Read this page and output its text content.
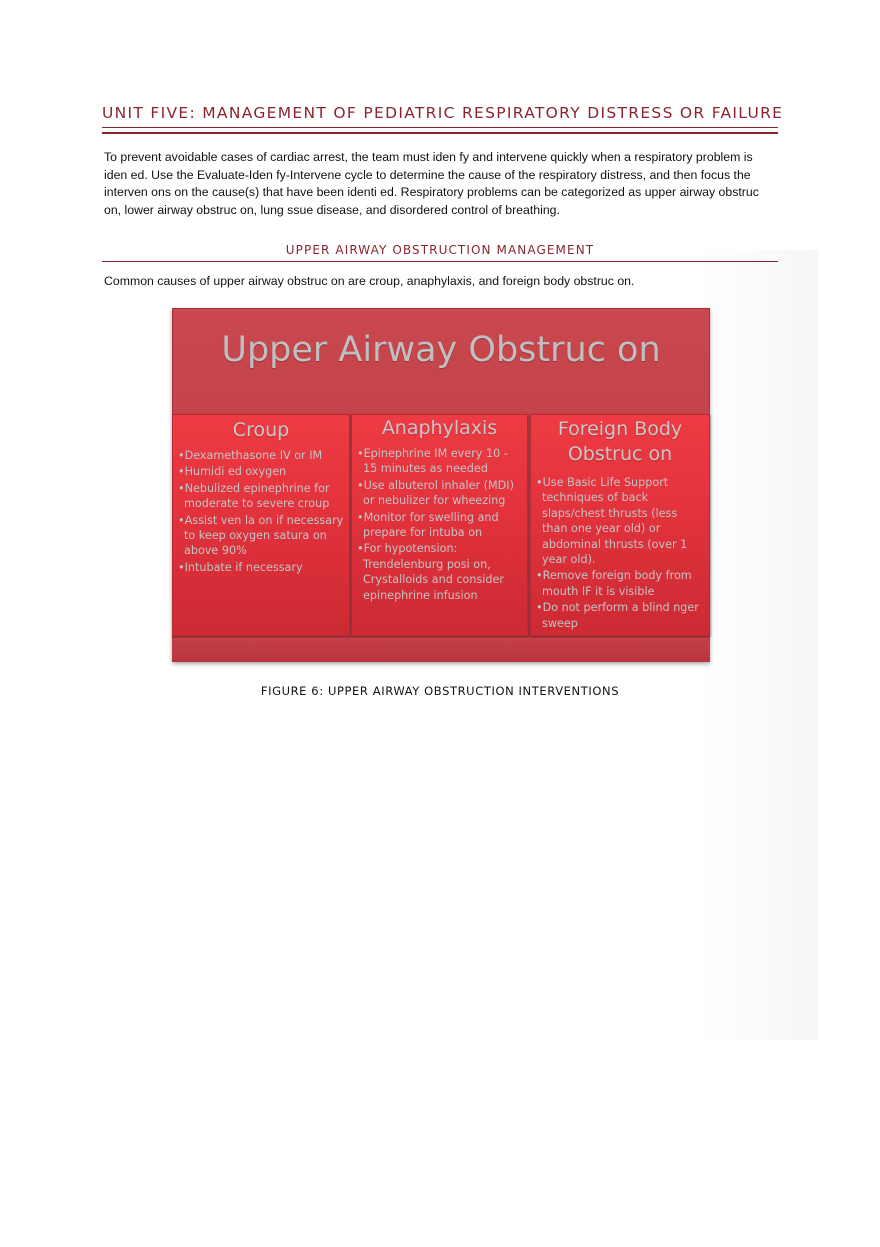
UNIT FIVE: MANAGEMENT OF PEDIATRIC RESPIRATORY DISTRESS OR FAILURE
To prevent avoidable cases of cardiac arrest, the team must iden fy and intervene quickly when a respiratory problem is iden ed. Use the Evaluate-Iden fy-Intervene cycle to determine the cause of the respiratory distress, and then focus the interven ons on the cause(s) that have been identi ed. Respiratory problems can be categorized as upper airway obstruc on, lower airway obstruc on, lung ssue disease, and disordered control of breathing.
UPPER AIRWAY OBSTRUCTION MANAGEMENT
Common causes of upper airway obstruc on are croup, anaphylaxis, and foreign body obstruc on.
Upper Airway Obstruc on
Croup
• Dexamethasone IV or IM
• Humidi ed oxygen
• Nebulized epinephrine for moderate to severe croup
• Assist ven la on if necessary to keep oxygen satura on above 90%
• Intubate if necessary
Anaphylaxis
• Epinephrine IM every 10 - 15 minutes as needed
• Use albuterol inhaler (MDI) or nebulizer for wheezing
• Monitor for swelling and prepare for intuba on
• For hypotension: Trendelenburg posi on, Crystalloids and consider epinephrine infusion
Foreign Body Obstruc on
• Use Basic Life Support techniques of back slaps/chest thrusts (less than one year old) or abdominal thrusts (over 1 year old).
• Remove foreign body from mouth IF it is visible
• Do not perform a blind nger sweep
FIGURE 6: UPPER AIRWAY OBSTRUCTION INTERVENTIONS
